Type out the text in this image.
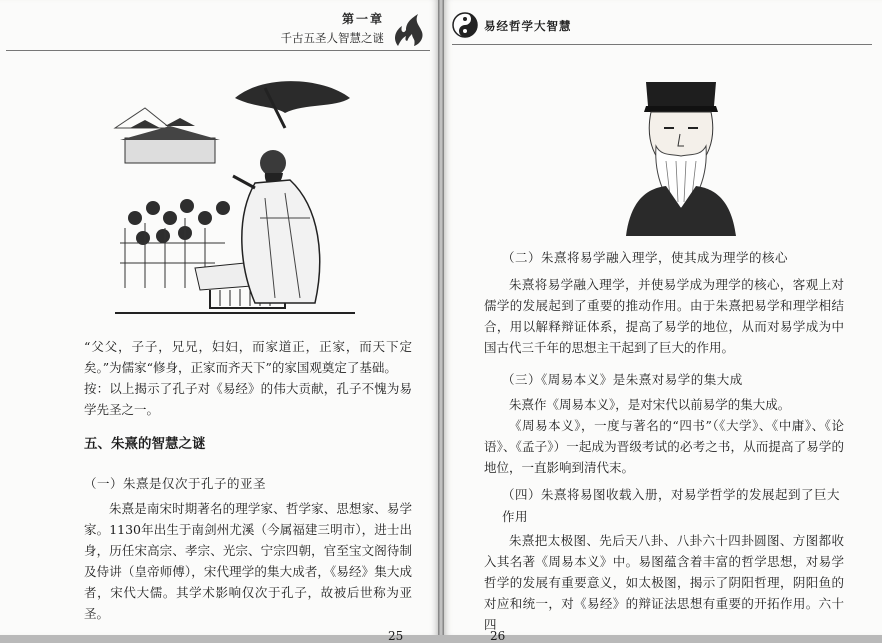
第一章
千古五圣人智慧之谜

“父父，子子，兄兄，妇妇，而家道正，正家，而天下定矣。”为儒家“修身，正家而齐天下”的家国观奠定了基础。

按：以上揭示了孔子对《易经》的伟大贡献，孔子不愧为易学先圣之一。

五、朱熹的智慧之谜
（一）朱熹是仅次于孔子的亚圣
朱熹是南宋时期著名的理学家、哲学家、思想家、易学家。1130年出生于南剑州尤溪（今属福建三明市），进士出身，历任宋高宗、孝宗、光宗、宁宗四朝，官至宝文阁待制及侍讲（皇帝师傅），宋代理学的集大成者，《易经》集大成者，宋代大儒。其学术影响仅次于孔子，故被后世称为亚圣。
25
易经哲学大智慧
（二）朱熹将易学融入理学，使其成为理学的核心
朱熹将易学融入理学，并使易学成为理学的核心，客观上对儒学的发展起到了重要的推动作用。由于朱熹把易学和理学相结合，用以解释辩证体系，提高了易学的地位，从而对易学成为中国古代三千年的思想主干起到了巨大的作用。
（三）《周易本义》是朱熹对易学的集大成

朱熹作《周易本义》，是对宋代以前易学的集大成。

《周易本义》，一度与著名的“四书”（《大学》、《中庸》、《论语》、《孟子》）一起成为晋级考试的必考之书，从而提高了易学的地位，一直影响到清代末。

（四）朱熹将易图收载入册，对易学哲学的发展起到了巨大作用
朱熹把太极图、先后天八卦、八卦六十四卦圆图、方图都收入其名著《周易本义》中。易图蕴含着丰富的哲学思想，对易学哲学的发展有重要意义，如太极图，揭示了阴阳哲理，阴阳鱼的对应和统一，对《易经》的辩证法思想有重要的开拓作用。六十四
26
